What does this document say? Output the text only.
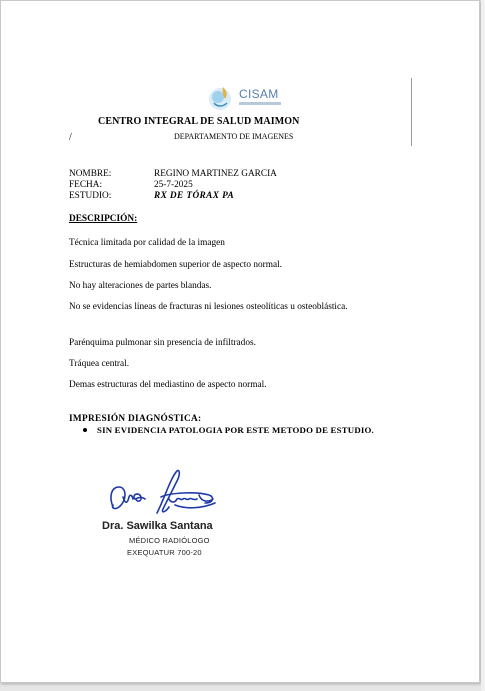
CISAM
CENTRO INTEGRAL DE SALUD MAIMON
/	DEPARTAMENTO DE IMAGENES
NOMBRE:	REGINO MARTINEZ GARCIA
FECHA:	25-7-2025
ESTUDIO:	RX DE TÓRAX PA
DESCRIPCIÓN:
Técnica limitada por calidad de la imagen
Estructuras de hemiabdomen superior de aspecto normal.
No hay alteraciones de partes blandas.
No se evidencias líneas de fracturas ni lesiones osteolíticas u osteoblástica.
Parénquima pulmonar sin presencia de infiltrados.
Tráquea central.
Demas estructuras del mediastino de aspecto normal.
IMPRESIÓN DIAGNÓSTICA:
SIN EVIDENCIA PATOLOGIA POR ESTE METODO DE ESTUDIO.
Dra. Sawilka Santana
MÉDICO RADIÓLOGO
EXEQUATUR 700-20
